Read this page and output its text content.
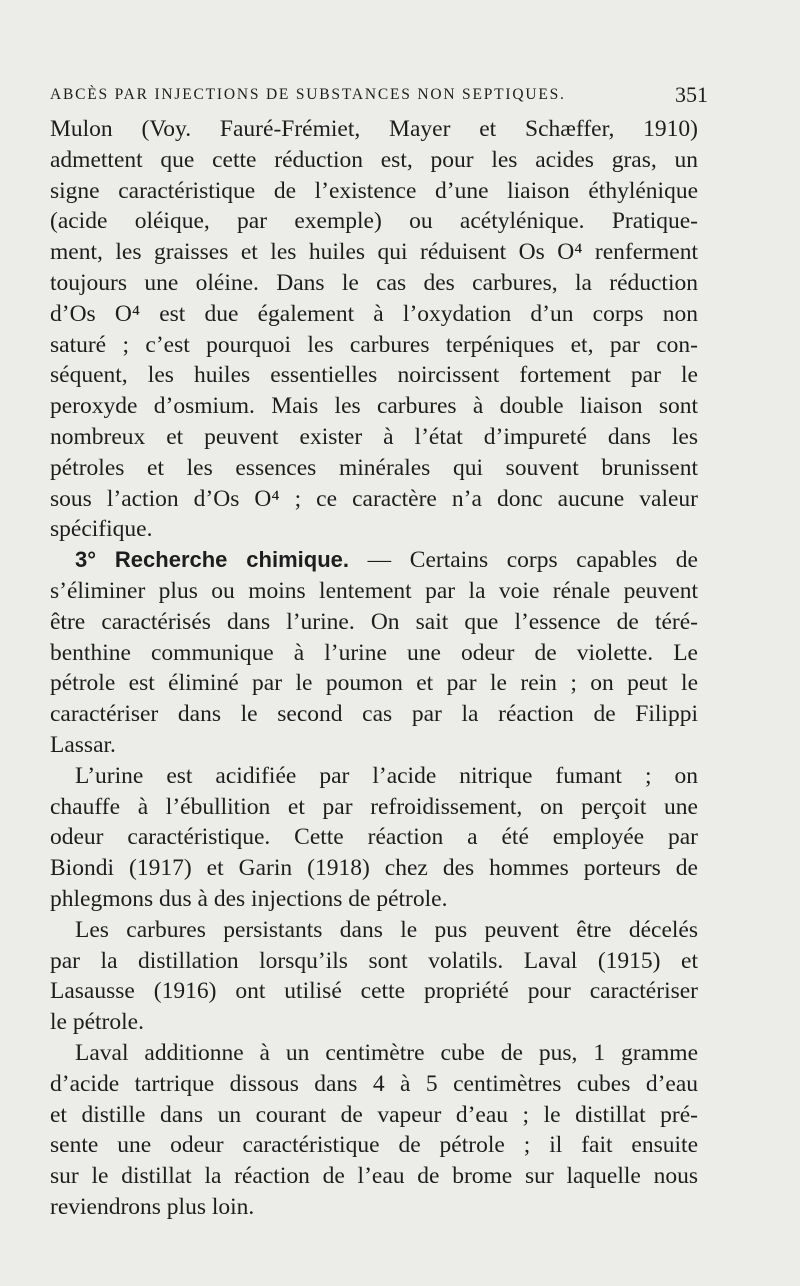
ABCÈS PAR INJECTIONS DE SUBSTANCES NON SEPTIQUES.	351
Mulon (Voy. Fauré-Frémiet, Mayer et Schæffer, 1910)
admettent que cette réduction est, pour les acides gras, un
signe caractéristique de l’existence d’une liaison éthylénique
(acide oléique, par exemple) ou acétylénique. Pratique-
ment, les graisses et les huiles qui réduisent Os O⁴ renferment
toujours une oléine. Dans le cas des carbures, la réduction
d’Os O⁴ est due également à l’oxydation d’un corps non
saturé ; c’est pourquoi les carbures terpéniques et, par con-
séquent, les huiles essentielles noircissent fortement par le
peroxyde d’osmium. Mais les carbures à double liaison sont
nombreux et peuvent exister à l’état d’impureté dans les
pétroles et les essences minérales qui souvent brunissent
sous l’action d’Os O⁴ ; ce caractère n’a donc aucune valeur
spécifique.
3° Recherche chimique. — Certains corps capables de
s’éliminer plus ou moins lentement par la voie rénale peuvent
être caractérisés dans l’urine. On sait que l’essence de téré-
benthine communique à l’urine une odeur de violette. Le
pétrole est éliminé par le poumon et par le rein ; on peut le
caractériser dans le second cas par la réaction de Filippi
Lassar.
L’urine est acidifiée par l’acide nitrique fumant ; on
chauffe à l’ébullition et par refroidissement, on perçoit une
odeur caractéristique. Cette réaction a été employée par
Biondi (1917) et Garin (1918) chez des hommes porteurs de
phlegmons dus à des injections de pétrole.
Les carbures persistants dans le pus peuvent être décelés
par la distillation lorsqu’ils sont volatils. Laval (1915) et
Lasausse (1916) ont utilisé cette propriété pour caractériser
le pétrole.
Laval additionne à un centimètre cube de pus, 1 gramme
d’acide tartrique dissous dans 4 à 5 centimètres cubes d’eau
et distille dans un courant de vapeur d’eau ; le distillat pré-
sente une odeur caractéristique de pétrole ; il fait ensuite
sur le distillat la réaction de l’eau de brome sur laquelle nous
reviendrons plus loin.
